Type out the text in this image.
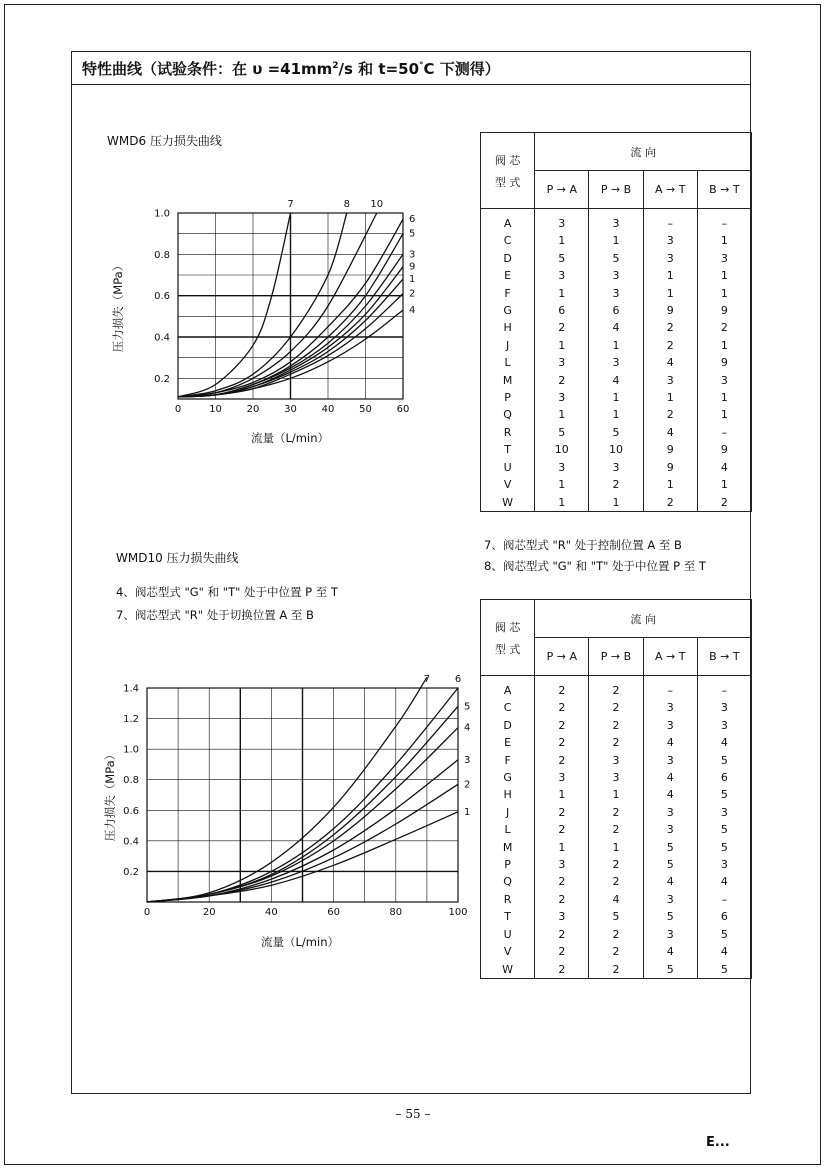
特性曲线（试验条件：在 $\upsilon =41mm^2/s$ 和 t=50°C 下测得）
WMD6 压力损失曲线
0	10 20 30 40 50 60
0.2
0.4
0.6
0.8
1.0
流量（L/min）
压力损失（MPa）
7	8 10
6
5
3
9
1
2
4
阀 芯
型 式	流 向			
	P → A	P → B	A → T	B → T
A	3	3	–	–
C	1	1	3	1
D	5	5	3	3
E	3	3	1	1
F	1	3	1	1
G	6	6	9	9
H	2	4	2	2
J	1	1	2	1
L	3	3	4	9
M	2	4	3	3
P	3	1	1	1
Q	1	1	2	1
R	5	5	4	–
T	10	10	9	9
U	3	3	9	4
V	1	2	1	1
W	1	1	2	2
7、阀芯型式 "R" 处于控制位置 A 至 B
8、阀芯型式 "G" 和 "T" 处于中位置 P 至 T
WMD10 压力损失曲线
4、阀芯型式 "G" 和 "T" 处于中位置 P 至 T
7、阀芯型式 "R" 处于切换位置 A 至 B
0	20	40	60	80	100
0.2
0.4
0.6
0.8
1.0
1.2
1.4
流量（L/min）
压力损失（MPa）
7 6
5
4
3
2
1
阀 芯
型 式	流 向			
	P → A	P → B	A → T	B → T
A	2	2	–	–
C	2	2	3	3
D	2	2	3	3
E	2	2	4	4
F	2	3	3	5
G	3	3	4	6
H	1	1	4	5
J	2	2	3	3
L	2	2	3	5
M	1	1	5	5
P	3	2	5	3
Q	2	2	4	4
R	2	4	3	–
T	3	5	5	6
U	2	2	3	5
V	2	2	4	4
W	2	2	5	5
– 55 –
E...
